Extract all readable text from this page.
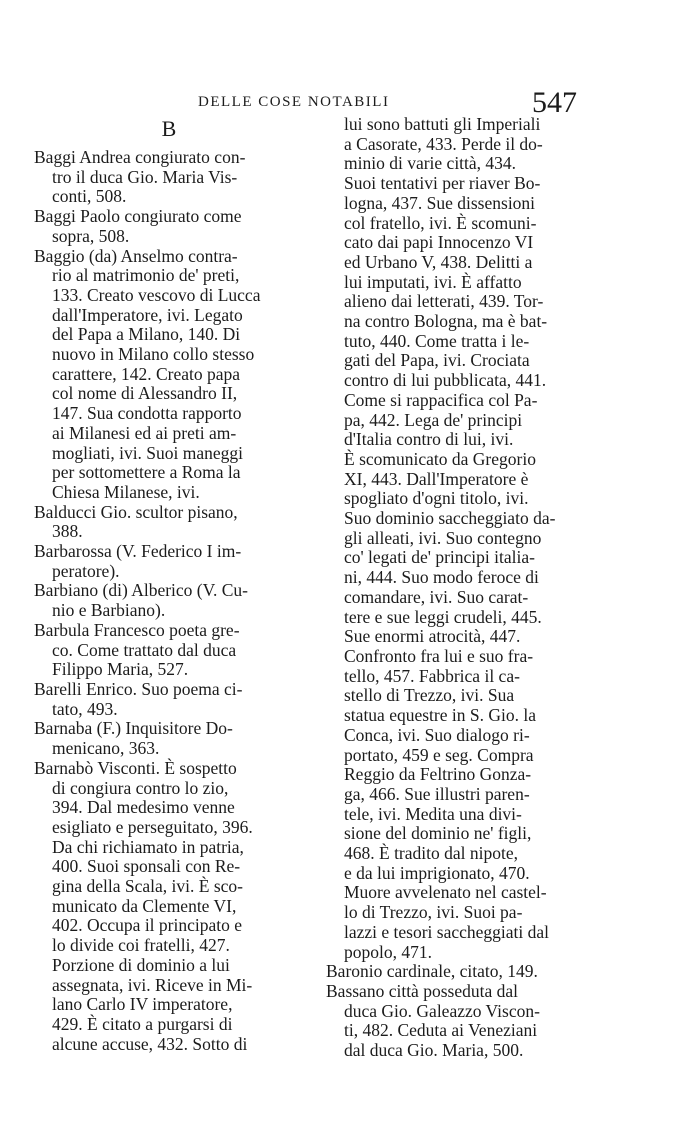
DELLE COSE NOTABILI	547
B
Baggi Andrea congiurato con-
tro il duca Gio. Maria Vis-
conti, 508.
Baggi Paolo congiurato come
sopra, 508.
Baggio (da) Anselmo contra-
rio al matrimonio de' preti,
133. Creato vescovo di Lucca
dall'Imperatore, ivi. Legato
del Papa a Milano, 140. Di
nuovo in Milano collo stesso
carattere, 142. Creato papa
col nome di Alessandro II,
147. Sua condotta rapporto
ai Milanesi ed ai preti am-
mogliati, ivi. Suoi maneggi
per sottomettere a Roma la
Chiesa Milanese, ivi.
Balducci Gio. scultor pisano,
388.
Barbarossa (V. Federico I im-
peratore).
Barbiano (di) Alberico (V. Cu-
nio e Barbiano).
Barbula Francesco poeta gre-
co. Come trattato dal duca
Filippo Maria, 527.
Barelli Enrico. Suo poema ci-
tato, 493.
Barnaba (F.) Inquisitore Do-
menicano, 363.
Barnabò Visconti. È sospetto
di congiura contro lo zio,
394. Dal medesimo venne
esigliato e perseguitato, 396.
Da chi richiamato in patria,
400. Suoi sponsali con Re-
gina della Scala, ivi. È sco-
municato da Clemente VI,
402. Occupa il principato e
lo divide coi fratelli, 427.
Porzione di dominio a lui
assegnata, ivi. Riceve in Mi-
lano Carlo IV imperatore,
429. È citato a purgarsi di
alcune accuse, 432. Sotto di
lui sono battuti gli Imperiali
a Casorate, 433. Perde il do-
minio di varie città, 434.
Suoi tentativi per riaver Bo-
logna, 437. Sue dissensioni
col fratello, ivi. È scomuni-
cato dai papi Innocenzo VI
ed Urbano V, 438. Delitti a
lui imputati, ivi. È affatto
alieno dai letterati, 439. Tor-
na contro Bologna, ma è bat-
tuto, 440. Come tratta i le-
gati del Papa, ivi. Crociata
contro di lui pubblicata, 441.
Come si rappacifica col Pa-
pa, 442. Lega de' principi
d'Italia contro di lui, ivi.
È scomunicato da Gregorio
XI, 443. Dall'Imperatore è
spogliato d'ogni titolo, ivi.
Suo dominio saccheggiato da-
gli alleati, ivi. Suo contegno
co' legati de' principi italia-
ni, 444. Suo modo feroce di
comandare, ivi. Suo carat-
tere e sue leggi crudeli, 445.
Sue enormi atrocità, 447.
Confronto fra lui e suo fra-
tello, 457. Fabbrica il ca-
stello di Trezzo, ivi. Sua
statua equestre in S. Gio. la
Conca, ivi. Suo dialogo ri-
portato, 459 e seg. Compra
Reggio da Feltrino Gonza-
ga, 466. Sue illustri paren-
tele, ivi. Medita una divi-
sione del dominio ne' figli,
468. È tradito dal nipote,
e da lui imprigionato, 470.
Muore avvelenato nel castel-
lo di Trezzo, ivi. Suoi pa-
lazzi e tesori saccheggiati dal
popolo, 471.
Baronio cardinale, citato, 149.
Bassano città posseduta dal
duca Gio. Galeazzo Viscon-
ti, 482. Ceduta ai Veneziani
dal duca Gio. Maria, 500.
